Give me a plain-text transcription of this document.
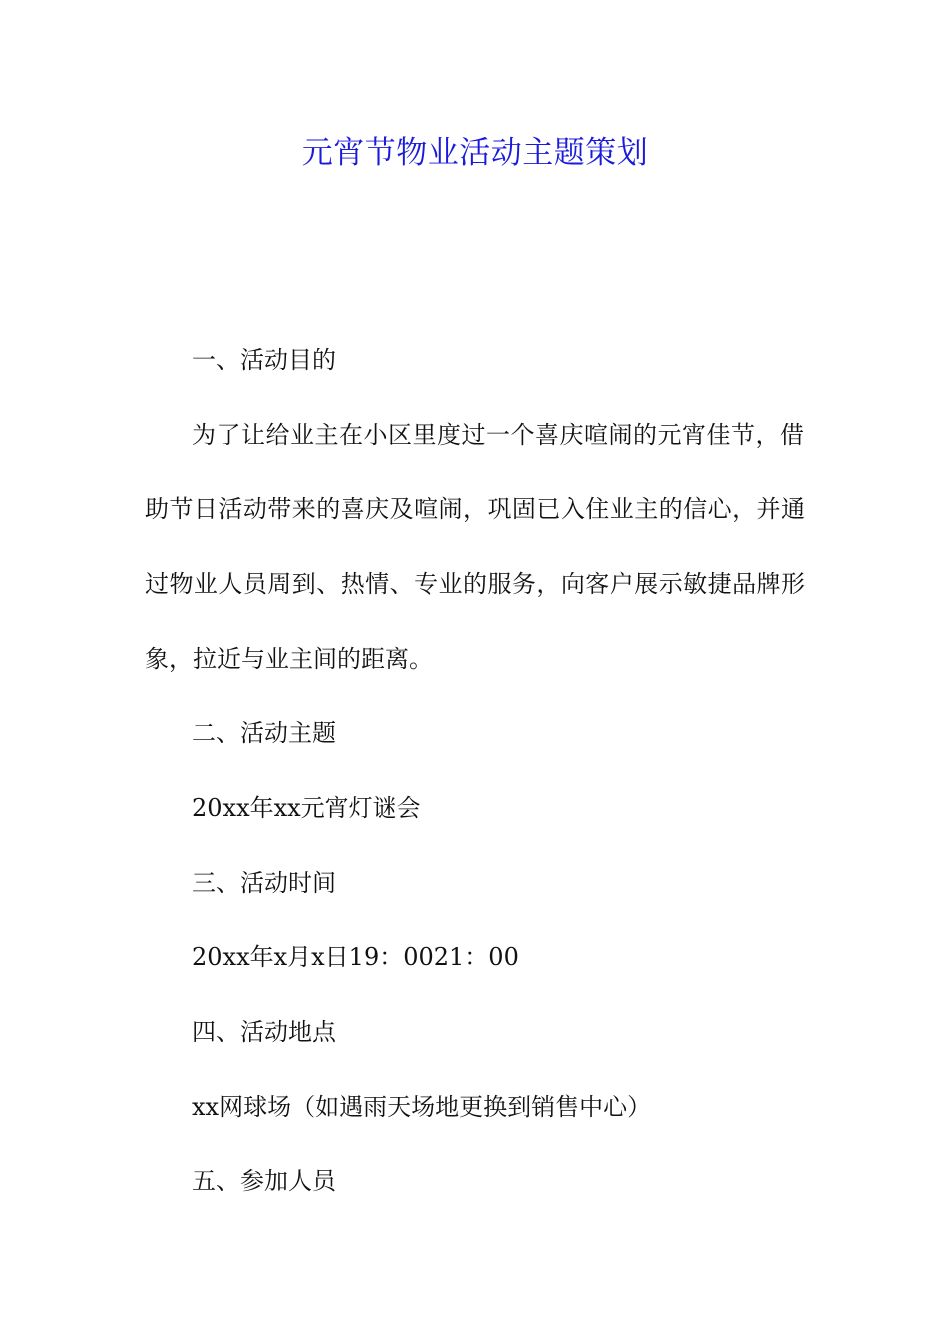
元宵节物业活动主题策划

一、活动目的

为了让给业主在小区里度过一个喜庆喧闹的元宵佳节，借

助节日活动带来的喜庆及喧闹，巩固已入住业主的信心，并通

过物业人员周到、热情、专业的服务，向客户展示敏捷品牌形

象，拉近与业主间的距离。

二、活动主题

20xx年xx元宵灯谜会

三、活动时间

20xx年x月x日19：0021：00

四、活动地点

xx网球场（如遇雨天场地更换到销售中心）

五、参加人员
